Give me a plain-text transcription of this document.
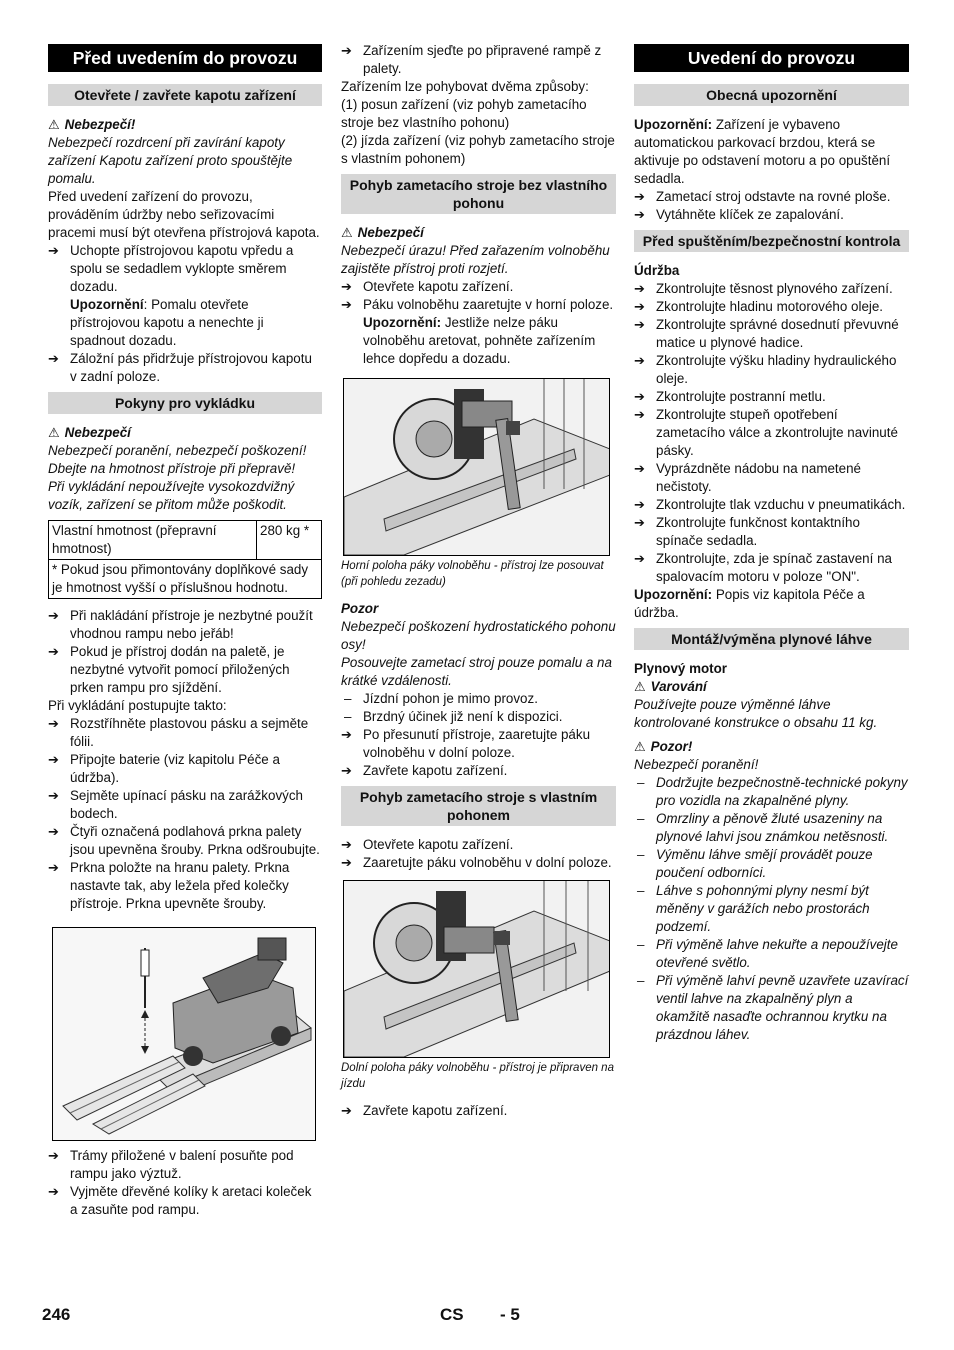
Před uvedením do provozu
Otevřete / zavřete kapotu zařízení
⚠ Nebezpečí!

Nebezpečí rozdrcení při zavírání kapoty zařízení Kapotu zařízení proto spouštějte pomalu.

Před uvedení zařízení do provozu, prováděním údržby nebo seřizovacími pracemi musí být otevřena přístrojová kapota.

➔ Uchopte přístrojovou kapotu vpředu a spolu se sedadlem vyklopte směrem dozadu.

Upozornění: Pomalu otevřete přístrojovou kapotu a nenechte ji spadnout dozadu.

➔ Záložní pás přidržuje přístrojovou kapotu v zadní poloze.

Pokyny pro vykládku
⚠ Nebezpečí

Nebezpečí poranění, nebezpečí poškození!

Dbejte na hmotnost přístroje při přepravě!

Při vykládání nepoužívejte vysokozdvižný vozík, zařízení se přitom může poškodit.

Vlastní hmotnost (přepravní hmotnost)	280 kg *
* Pokud jsou přimontovány doplňkové sady je hmotnost vyšší o příslušnou hodnotu.

➔ Při nakládání přístroje je nezbytné použít vhodnou rampu nebo jeřáb!

➔ Pokud je přístroj dodán na paletě, je nezbytné vytvořit pomocí přiložených prken rampu pro sjíždění.

Při vykládání postupujte takto:

➔ Rozstříhněte plastovou pásku a sejměte fólii.

➔ Připojte baterie (viz kapitolu Péče a údržba).

➔ Sejměte upínací pásku na zarážkových bodech.

➔ Čtyři označená podlahová prkna palety jsou upevněna šrouby. Prkna odšroubujte.

➔ Prkna položte na hranu palety. Prkna nastavte tak, aby ležela před kolečky přístroje. Prkna upevněte šrouby.

➔ Trámy přiložené v balení posuňte pod rampu jako výztuž.

➔ Vyjměte dřevěné kolíky k aretaci koleček a zasuňte pod rampu.

➔ Zařízením sjeďte po připravené rampě z palety.

Zařízením lze pohybovat dvěma způsoby:

(1) posun zařízení (viz pohyb zametacího stroje bez vlastního pohonu)

(2) jízda zařízení (viz pohyb zametacího stroje s vlastním pohonem)

Pohyb zametacího stroje bez vlastního pohonu
⚠ Nebezpečí

Nebezpečí úrazu! Před zařazením volnoběhu zajistěte přístroj proti rozjetí.

➔ Otevřete kapotu zařízení.

➔ Páku volnoběhu zaaretujte v horní poloze.

Upozornění: Jestliže nelze páku volnoběhu aretovat, pohněte zařízením lehce dopředu a dozadu.

Horní poloha páky volnoběhu - přístroj lze posouvat (při pohledu zezadu)

Pozor

Nebezpečí poškození hydrostatického pohonu osy!

Posouvejte zametací stroj pouze pomalu a na krátké vzdálenosti.

– Jízdní pohon je mimo provoz.

– Brzdný účinek již není k dispozici.

➔ Po přesunutí přístroje, zaaretujte páku volnoběhu v dolní poloze.

➔ Zavřete kapotu zařízení.

Pohyb zametacího stroje s vlastním pohonem

➔ Otevřete kapotu zařízení.

➔ Zaaretujte páku volnoběhu v dolní poloze.

Dolní poloha páky volnoběhu - přístroj je připraven na jízdu

➔ Zavřete kapotu zařízení.

Uvedení do provozu
Obecná upozornění

Upozornění: Zařízení je vybaveno automatickou parkovací brzdou, která se aktivuje po odstavení motoru a po opuštění sedadla.

➔ Zametací stroj odstavte na rovné ploše.

➔ Vytáhněte klíček ze zapalování.

Před spuštěním/bezpečnostní kontrola

Údržba

➔ Zkontrolujte těsnost plynového zařízení.

➔ Zkontrolujte hladinu motorového oleje.

➔ Zkontrolujte správné dosednutí převuvné matice u plynové hadice.

➔ Zkontrolujte výšku hladiny hydraulického oleje.

➔ Zkontrolujte postranní metlu.

➔ Zkontrolujte stupeň opotřebení zametacího válce a zkontrolujte navinuté pásky.

➔ Vyprázdněte nádobu na nametené nečistoty.

➔ Zkontrolujte tlak vzduchu v pneumatikách.

➔ Zkontrolujte funkčnost kontaktního spínače sedadla.

➔ Zkontrolujte, zda je spínač zastavení na spalovacím motoru v poloze "ON".

Upozornění: Popis viz kapitola Péče a údržba.

Montáž/výměna plynové láhve

Plynový motor

⚠ Varování

Používejte pouze výměnné láhve kontrolované konstrukce o obsahu 11 kg.

⚠ Pozor!

Nebezpečí poranění!

– Dodržujte bezpečnostně-technické pokyny pro vozidla na zkapalněné plyny.

– Omrzliny a pěnově žluté usazeniny na plynové lahvi jsou známkou netěsnosti.

– Výměnu láhve smějí provádět pouze poučení odborníci.

– Láhve s pohonnými plyny nesmí být měněny v garážích nebo prostorách podzemí.

– Při výměně lahve nekuřte a nepoužívejte otevřené světlo.

– Při výměně lahví pevně uzavřete uzavírací ventil lahve na zkapalněný plyn a okamžitě nasaďte ochrannou krytku na prázdnou láhev.

246	CS - 5
